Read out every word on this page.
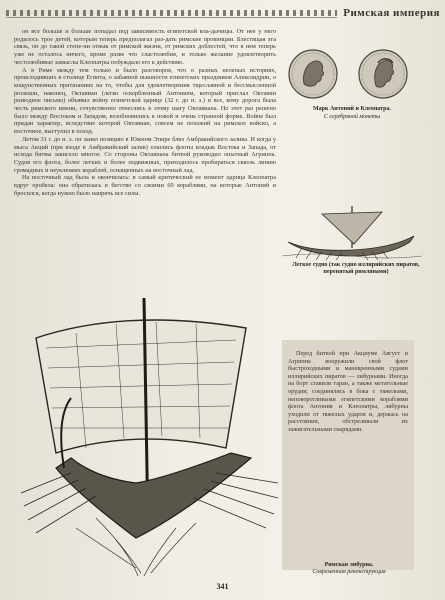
Римская империя

он все больше и больше попадал под зависимость египетской вла-дычицы. От нее у него родилось трое детей, которым теперь предполагал раз-дать римские провинции. Блестящая эта связь, он до такой степе-ни отвык от римской жизни, от римских доблестей, что в нем теперь уже не осталось ничего, кроме разве что сластолюбия, и только желание удовлетворить честолюбивые замыслы Клеопатры побуждало его к действию.

А в Риме между тем только и было разговоров, что о разных нелепых историях, происходивших в столице Египта, о забавной пышности египетских праздников Александрии, о кощунственных притязаниях на то, чтобы для удовлетворения тщеславной и бессмысленной роскоши, наконец, Октавиан (легко оскорбленный Антонием, который прислал Октавии разводное письмо) объявил войну египетской царице (32 г. до н. э.) и все, кому дорога была честь римского имени, сочувственно отнеслись к этому шагу Октавиана. Но этот раз решено было между Востоком и Западом, возобновились в новой и очень странной форме. Войне был придан характер, вследствие которой Октавиан, совсем не похожий на римское войско, а восточное, выступил в поход.

Летом 31 г. до н. э. он занял позицию в Южном Эпире близ Амбракийского залива. И когда у мыса Акций (при входе в Амбракийский залив) сошлись флоты владык Востока и Запада, от исхода битвы зависело многое. Со стороны Октавиана битвой руководил опытный Агриппа. Судов его флота, более легких и более подвижных, приходилось пробираться сквозь линию громадных и неуклюжих кораблей, оснащенных на восточный лад.

На восточный лад была и окончилась: в самый критический ее момент царица Клеопатра вдруг оробела: она обратилась в бегство со своими 60 кораблями, на которые Антоний и бросился, когда нужно было напрячь все силы.

Марк Антоний и Клеопатра.
С серебряной монеты
Легкое судно (так судно иллирийских пиратов, перенятый римлянами)

Перед битвой при Акциуме Август и Агриппа вооружили свой флот быстроходными и маневренными судами иллирийских пиратов — либурнами. Иногда на борт ставили таран, а также метательные орудия; соединялись в бока с тяжелыми, неповоротливыми египетскими кораблями флота Антония и Клеопатры, либурны уходили от тяжелых ударов и, держась на расстоянии, обстреливали их зажигательными снарядами.

Римская либурна.
Современная реконструкция
341
